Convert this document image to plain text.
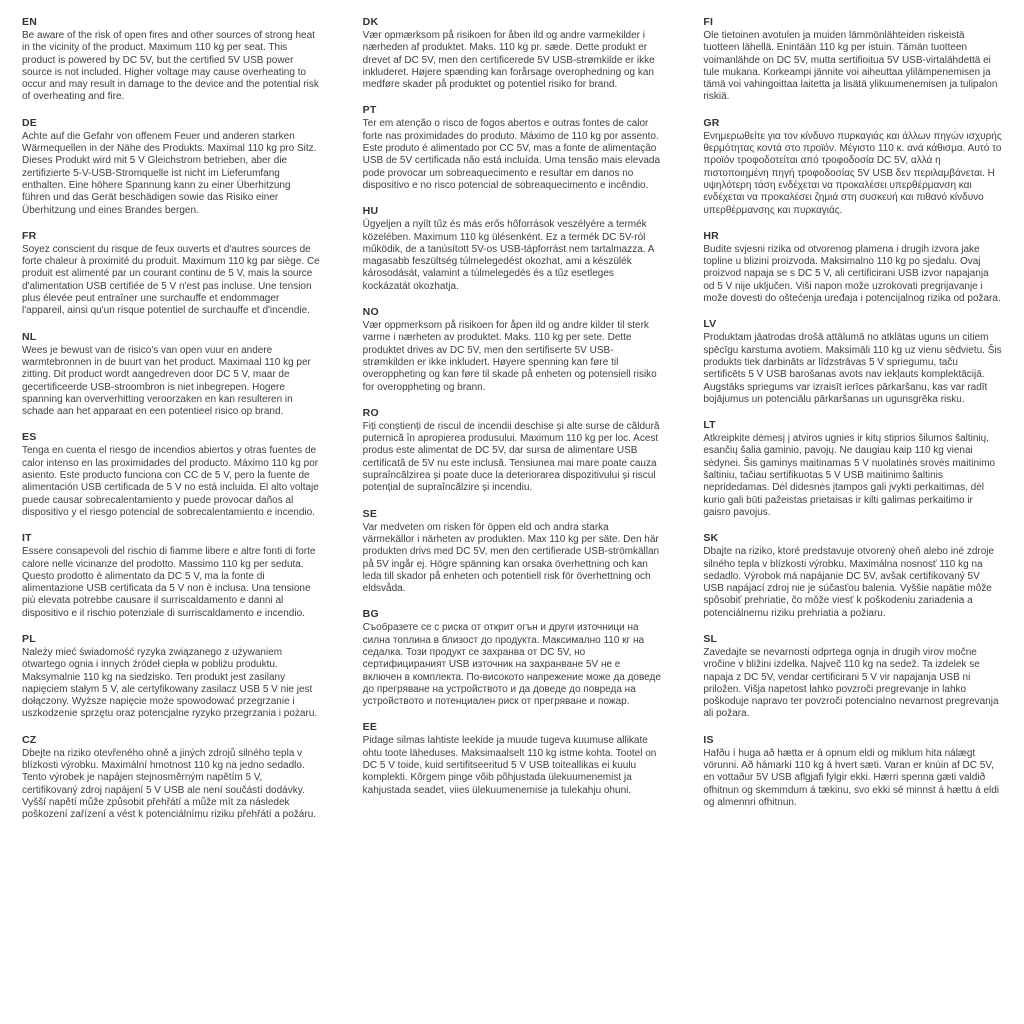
EN

Be aware of the risk of open fires and other sources of strong heat in the vicinity of the product. Maximum 110 kg per seat. This product is powered by DC 5V, but the certified 5V USB power source is not included. Higher voltage may cause overheating to occur and may result in damage to the device and the potential risk of overheating and fire.

DE

Achte auf die Gefahr von offenem Feuer und anderen starken Wärmequellen in der Nähe des Produkts. Maximal 110 kg pro Sitz. Dieses Produkt wird mit 5 V Gleichstrom betrieben, aber die zertifizierte 5-V-USB-Stromquelle ist nicht im Lieferumfang enthalten. Eine höhere Spannung kann zu einer Überhitzung führen und das Gerät beschädigen sowie das Risiko einer Überhitzung und eines Brandes bergen.

FR

Soyez conscient du risque de feux ouverts et d'autres sources de forte chaleur à proximité du produit. Maximum 110 kg par siège. Ce produit est alimenté par un courant continu de 5 V, mais la source d'alimentation USB certifiée de 5 V n'est pas incluse. Une tension plus élevée peut entraîner une surchauffe et endommager l'appareil, ainsi qu'un risque potentiel de surchauffe et d'incendie.

NL

Wees je bewust van de risico's van open vuur en andere warmtebronnen in de buurt van het product. Maximaal 110 kg per zitting. Dit product wordt aangedreven door DC 5 V, maar de gecertificeerde USB-stroombron is niet inbegrepen. Hogere spanning kan oververhitting veroorzaken en kan resulteren in schade aan het apparaat en een potentieel risico op brand.

ES

Tenga en cuenta el riesgo de incendios abiertos y otras fuentes de calor intenso en las proximidades del producto. Máximo 110 kg por asiento. Este producto funciona con CC de 5 V, pero la fuente de alimentación USB certificada de 5 V no está incluida. El alto voltaje puede causar sobrecalentamiento y puede provocar daños al dispositivo y el riesgo potencial de sobrecalentamiento e incendio.

IT

Essere consapevoli del rischio di fiamme libere e altre fonti di forte calore nelle vicinanze del prodotto. Massimo 110 kg per seduta. Questo prodotto è alimentato da DC 5 V, ma la fonte di alimentazione USB certificata da 5 V non è inclusa. Una tensione più elevata potrebbe causare il surriscaldamento e danni al dispositivo e il rischio potenziale di surriscaldamento e incendio.

PL

Należy mieć świadomość ryzyka związanego z używaniem otwartego ognia i innych źródeł ciepła w pobliżu produktu. Maksymalnie 110 kg na siedzisko. Ten produkt jest zasilany napięciem stałym 5 V, ale certyfikowany zasilacz USB 5 V nie jest dołączony. Wyższe napięcie może spowodować przegrzanie i uszkodzenie sprzętu oraz potencjalne ryzyko przegrzania i pożaru.

CZ

Dbejte na riziko otevřeného ohně a jiných zdrojů silného tepla v blízkosti výrobku. Maximální hmotnost 110 kg na jedno sedadlo. Tento výrobek je napájen stejnosměrným napětím 5 V, certifikovaný zdroj napájení 5 V USB ale není součástí dodávky. Vyšší napětí může způsobit přehřátí a může mít za následek poškození zařízení a vést k potenciálnímu riziku přehřátí a požáru.

DK

Vær opmærksom på risikoen for åben ild og andre varmekilder i nærheden af produktet. Maks. 110 kg pr. sæde. Dette produkt er drevet af DC 5V, men den certificerede 5V USB-strømkilde er ikke inkluderet. Højere spænding kan forårsage overophedning og kan medføre skader på produktet og potentiel risiko for brand.

PT

Ter em atenção o risco de fogos abertos e outras fontes de calor forte nas proximidades do produto. Máximo de 110 kg por assento. Este produto é alimentado por CC 5V, mas a fonte de alimentação USB de 5V certificada não está incluída. Uma tensão mais elevada pode provocar um sobreaquecimento e resultar em danos no dispositivo e no risco potencial de sobreaquecimento e incêndio.

HU

Ügyeljen a nyílt tűz és más erős hőforrások veszélyére a termék közelében. Maximum 110 kg ülésenként. Ez a termék DC 5V-ról működik, de a tanúsított 5V-os USB-tápforrást nem tartalmazza. A magasabb feszültség túlmelegedést okozhat, ami a készülék károsodását, valamint a túlmelegedés és a tűz esetleges kockázatát okozhatja.

NO

Vær oppmerksom på risikoen for åpen ild og andre kilder til sterk varme i nærheten av produktet. Maks. 110 kg per sete. Dette produktet drives av DC 5V, men den sertifiserte 5V USB-strømkilden er ikke inkludert. Høyere spenning kan føre til overoppheting og kan føre til skade på enheten og potensiell risiko for overoppheting og brann.

RO

Fiți conștienți de riscul de incendii deschise și alte surse de căldură puternică în apropierea produsului. Maximum 110 kg per loc. Acest produs este alimentat de DC 5V, dar sursa de alimentare USB certificată de 5V nu este inclusă. Tensiunea mai mare poate cauza supraîncălzirea și poate duce la deteriorarea dispozitivului și riscul potențial de supraîncălzire și incendiu.

SE

Var medveten om risken för öppen eld och andra starka värmekällor i närheten av produkten. Max 110 kg per säte. Den här produkten drivs med DC 5V, men den certifierade USB-strömkällan på 5V ingår ej. Högre spänning kan orsaka överhettning och kan leda till skador på enheten och potentiell risk för överhettning och eldsvåda.

BG

Съобразете се с риска от открит огън и други източници на силна топлина в близост до продукта. Максимално 110 кг на седалка. Този продукт се захранва от DC 5V, но сертифицираният USB източник на захранване 5V не е включен в комплекта. По-високото напрежение може да доведе до прегряване на устройството и да доведе до повреда на устройството и потенциален риск от прегряване и пожар.

EE

Pidage silmas lahtiste leekide ja muude tugeva kuumuse allikate ohtu toote läheduses. Maksimaalselt 110 kg istme kohta. Tootel on DC 5 V toide, kuid sertifitseeritud 5 V USB toiteallikas ei kuulu komplekti. Kõrgem pinge võib põhjustada ülekuumenemist ja kahjustada seadet, viies ülekuumenemise ja tulekahju ohuni.

FI

Ole tietoinen avotulen ja muiden lämmönlähteiden riskeistä tuotteen lähellä. Enintään 110 kg per istuin. Tämän tuotteen voimanlähde on DC 5V, mutta sertifioitua 5V USB-virtalähdettä ei tule mukana. Korkeampi jännite voi aiheuttaa ylilämpenemisen ja tämä voi vahingoittaa laitetta ja lisätä ylikuumenemisen ja tulipalon riskiä.

GR

Ενημερωθείτε για τον κίνδυνο πυρκαγιάς και άλλων πηγών ισχυρής θερμότητας κοντά στο προϊόν. Μέγιστο 110 κ. ανά κάθισμα. Αυτό το προϊόν τροφοδοτείται από τροφοδοσία DC 5V, αλλά η πιστοποιημένη πηγή τροφοδοσίας 5V USB δεν περιλαμβάνεται. Η υψηλότερη τάση ενδέχεται να προκαλέσει υπερθέρμανση και ενδέχεται να προκαλέσει ζημιά στη συσκευή και πιθανό κίνδυνο υπερθέρμανσης και πυρκαγιάς.

HR

Budite svjesni rizika od otvorenog plamena i drugih izvora jake topline u blizini proizvoda. Maksimalno 110 kg po sjedalu. Ovaj proizvod napaja se s DC 5 V, ali certificirani USB izvor napajanja od 5 V nije uključen. Viši napon može uzrokovati pregrijavanje i može dovesti do oštećenja uređaja i potencijalnog rizika od požara.

LV

Produktam jāatrodas drošā attālumā no atklātas uguns un citiem spēcīgu karstuma avotiem. Maksimāli 110 kg uz vienu sēdvietu. Šis produkts tiek darbināts ar līdzstrāvas 5 V spriegumu, taču sertificēts 5 V USB barošanas avots nav iekļauts komplektācijā. Augstāks spriegums var izraisīt ierīces pārkaršanu, kas var radīt bojājumus un potenciālu pārkaršanas un ugunsgrēka risku.

LT

Atkreipkite dėmesį į atviros ugnies ir kitų stiprios šilumos šaltinių, esančių šalia gaminio, pavojų. Ne daugiau kaip 110 kg vienai sėdynei. Šis gaminys maitinamas 5 V nuolatinės srovės maitinimo šaltiniu, tačiau sertifikuotas 5 V USB maitinimo šaltinis nepridedamas. Dėl didesnės įtampos gali įvykti perkaitimas, dėl kurio gali būti pažeistas prietaisas ir kilti galimas perkaitimo ir gaisro pavojus.

SK

Dbajte na riziko, ktoré predstavuje otvorený oheň alebo iné zdroje silného tepla v blízkosti výrobku. Maximálna nosnosť 110 kg na sedadlo. Výrobok má napájanie DC 5V, avšak certifikovaný 5V USB napájací zdroj nie je súčasťou balenia. Vyššie napätie môže spôsobiť prehriatie, čo môže viesť k poškodeniu zariadenia a potenciálnemu riziku prehriatia a požiaru.

SL

Zavedajte se nevarnosti odprtega ognja in drugih virov močne vročine v bližini izdelka. Največ 110 kg na sedež. Ta izdelek se napaja z DC 5V, vendar certificirani 5 V vir napajanja USB ni priložen. Višja napetost lahko povzroči pregrevanje in lahko poškoduje napravo ter povzroči potencialno nevarnost pregrevanja ali požara.

IS

Hafðu í huga að hætta er á opnum eldi og miklum hita nálægt vörunni. Að hámarki 110 kg á hvert sæti. Varan er knúin af DC 5V, en vottaður 5V USB aflgjafi fylgir ekki. Hærri spenna gæti valdið ofhitnun og skemmdum á tækinu, svo ekki sé minnst á hættu á eldi og almennri ofhitnun.
